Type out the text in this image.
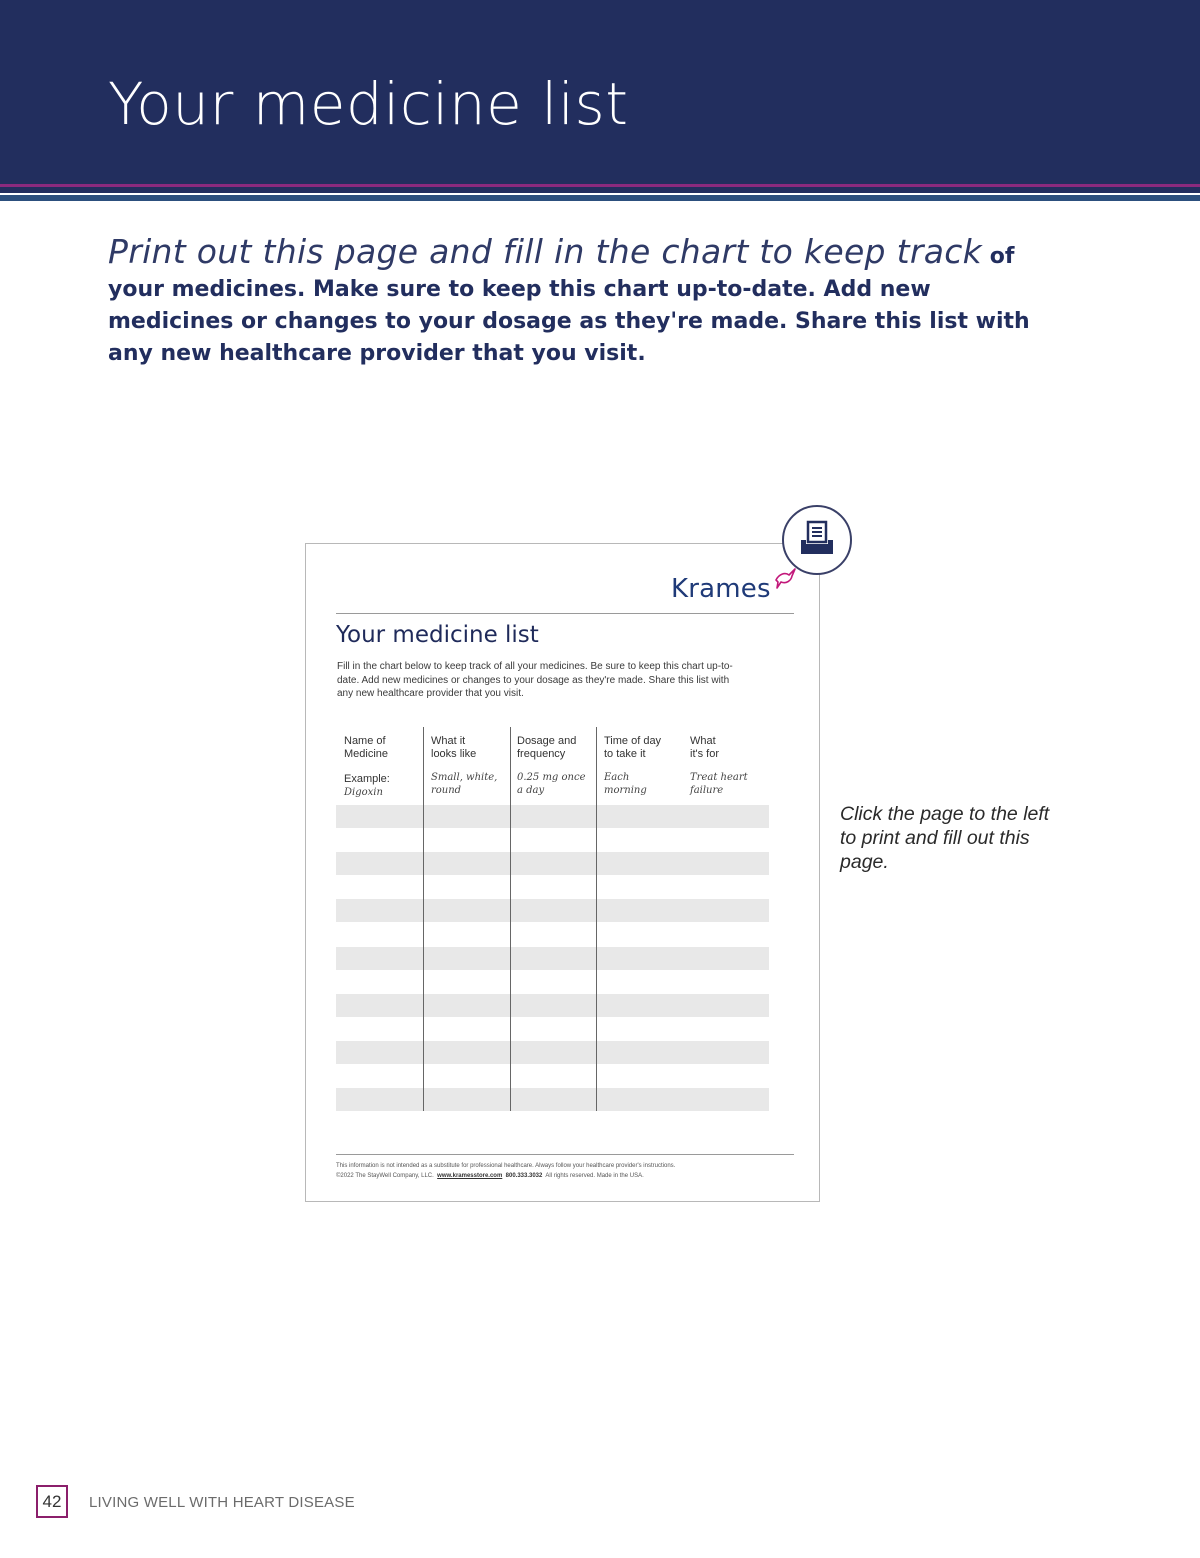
Your medicine list
Print out this page and fill in the chart to keep track of
your medicines. Make sure to keep this chart up-to-date. Add new medicines or changes to your dosage as they're made. Share this list with any new healthcare provider that you visit.
Krames
Your medicine list

Fill in the chart below to keep track of all your medicines. Be sure to keep this chart up-to-date. Add new medicines or changes to your dosage as they're made. Share this list with any new healthcare provider that you visit.

Name of
Medicine
What it
looks like
Dosage and
frequency
Time of day
to take it
What
it's for
Example:
Digoxin
Small, white,
round
0.25 mg once
a day
Each
morning
Treat heart
failure
This information is not intended as a substitute for professional healthcare. Always follow your healthcare provider's instructions.
©2022 The StayWell Company, LLC. www.kramesstore.com 800.333.3032 All rights reserved. Made in the USA.

Click the page to the left to print and fill out this page.

42	LIVING WELL WITH HEART DISEASE
